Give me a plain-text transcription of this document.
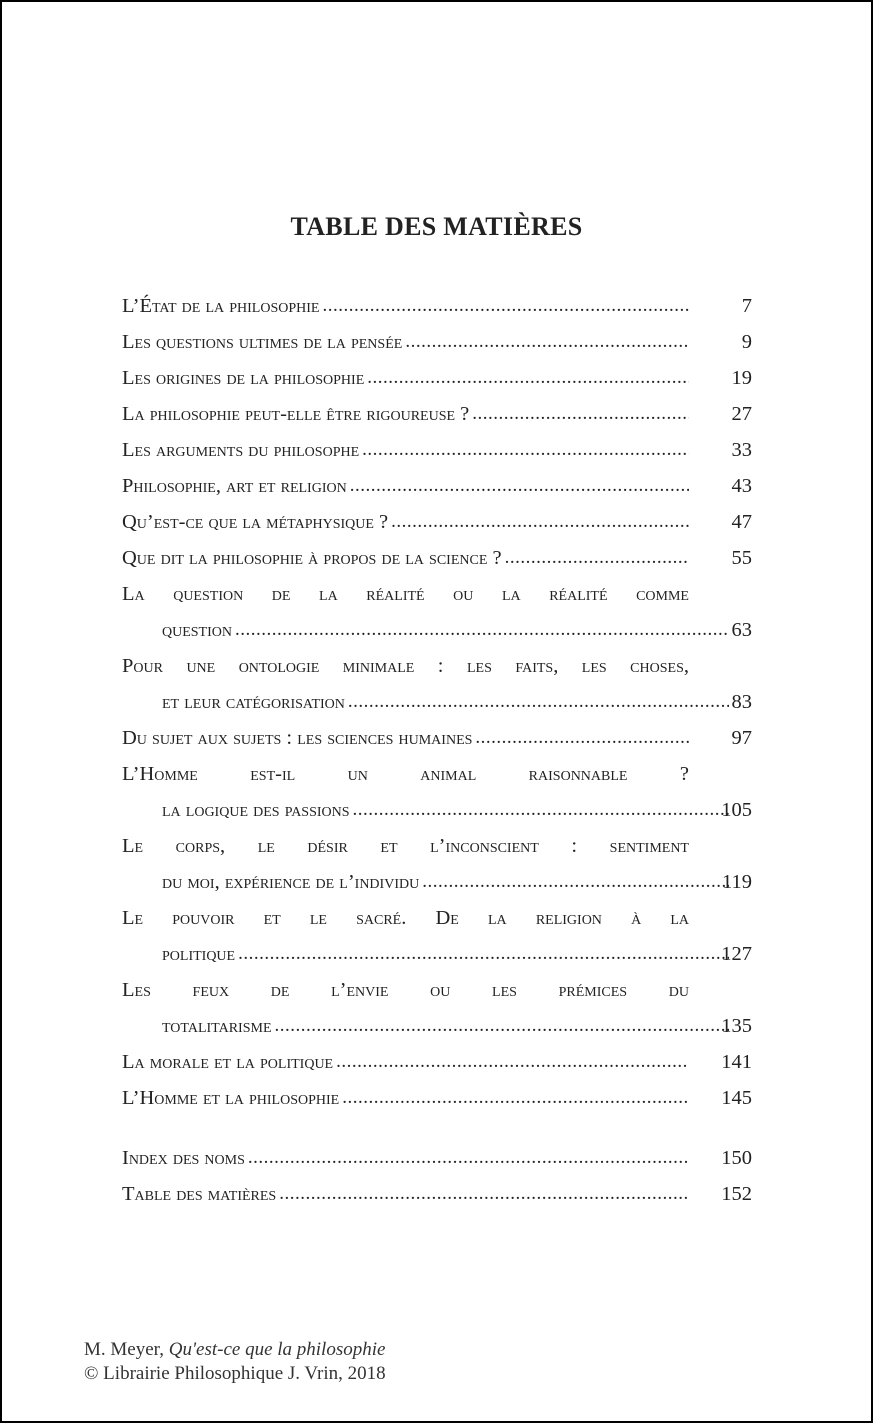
TABLE DES MATIÈRES
L’État de la philosophie .....	7
Les questions ultimes de la pensée .....	9
Les origines de la philosophie .....	19
La philosophie peut-elle être rigoureuse ? .....	27
Les arguments du philosophe .....	33
Philosophie, art et religion .....	43
Qu’est-ce que la métaphysique ? .....	47
Que dit la philosophie à propos de la science ? .....	55
La question de la réalité ou la réalité comme
question .....	63
Pour une ontologie minimale : les faits, les choses,
et leur catégorisation .....	83
Du sujet aux sujets : les sciences humaines .....	97
L’Homme est-il un animal raisonnable ?
la logique des passions .....	105
Le corps, le désir et l’inconscient : sentiment
du moi, expérience de l’individu .....	119
Le pouvoir et le sacré. De la religion à la
politique .....	127
Les feux de l’envie ou les prémices du
totalitarisme .....	135
La morale et la politique .....	141
L’Homme et la philosophie .....	145
Index des noms .....	150
Table des matières .....	152
M. Meyer, Qu'est-ce que la philosophie
© Librairie Philosophique J. Vrin, 2018
